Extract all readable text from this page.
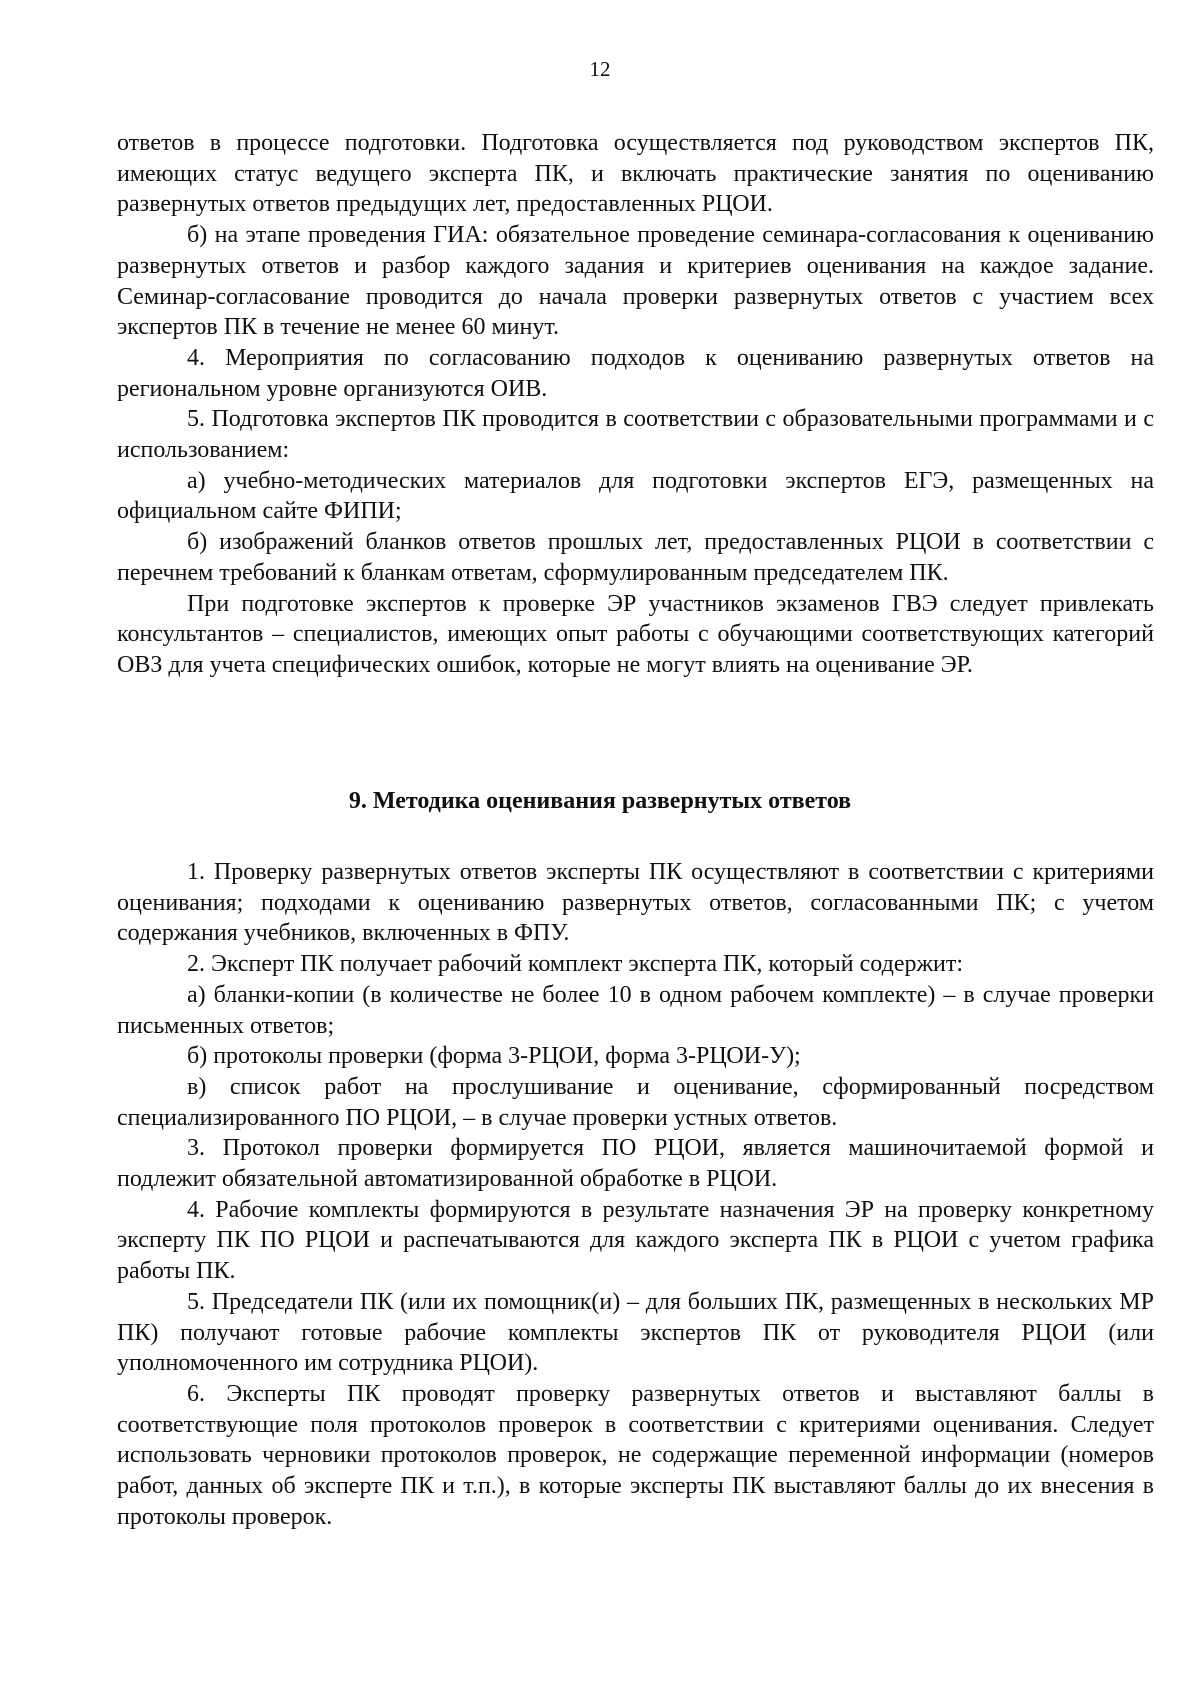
12

ответов в процессе подготовки. Подготовка осуществляется под руководством экспертов ПК, имеющих статус ведущего эксперта ПК, и включать практические занятия по оцениванию развернутых ответов предыдущих лет, предоставленных РЦОИ.

б) на этапе проведения ГИА: обязательное проведение семинара-согласования к оцениванию развернутых ответов и разбор каждого задания и критериев оценивания на каждое задание. Семинар-согласование проводится до начала проверки развернутых ответов с участием всех экспертов ПК в течение не менее 60 минут.

4. Мероприятия по согласованию подходов к оцениванию развернутых ответов на региональном уровне организуются ОИВ.

5. Подготовка экспертов ПК проводится в соответствии с образовательными программами и с использованием:

а) учебно-методических материалов для подготовки экспертов ЕГЭ, размещенных на официальном сайте ФИПИ;

б) изображений бланков ответов прошлых лет, предоставленных РЦОИ в соответствии с перечнем требований к бланкам ответам, сформулированным председателем ПК.

При подготовке экспертов к проверке ЭР участников экзаменов ГВЭ следует привлекать консультантов – специалистов, имеющих опыт работы с обучающими соответствующих категорий ОВЗ для учета специфических ошибок, которые не могут влиять на оценивание ЭР.

9. Методика оценивания развернутых ответов

1. Проверку развернутых ответов эксперты ПК осуществляют в соответствии с критериями оценивания; подходами к оцениванию развернутых ответов, согласованными ПК; с учетом содержания учебников, включенных в ФПУ.

2. Эксперт ПК получает рабочий комплект эксперта ПК, который содержит:

а) бланки-копии (в количестве не более 10 в одном рабочем комплекте) – в случае проверки письменных ответов;

б) протоколы проверки (форма 3-РЦОИ, форма 3-РЦОИ-У);

в) список работ на прослушивание и оценивание, сформированный посредством специализированного ПО РЦОИ, – в случае проверки устных ответов.

3. Протокол проверки формируется ПО РЦОИ, является машиночитаемой формой и подлежит обязательной автоматизированной обработке в РЦОИ.

4. Рабочие комплекты формируются в результате назначения ЭР на проверку конкретному эксперту ПК ПО РЦОИ и распечатываются для каждого эксперта ПК в РЦОИ с учетом графика работы ПК.

5. Председатели ПК (или их помощник(и) – для больших ПК, размещенных в нескольких МР ПК) получают готовые рабочие комплекты экспертов ПК от руководителя РЦОИ (или уполномоченного им сотрудника РЦОИ).

6. Эксперты ПК проводят проверку развернутых ответов и выставляют баллы в соответствующие поля протоколов проверок в соответствии с критериями оценивания. Следует использовать черновики протоколов проверок, не содержащие переменной информации (номеров работ, данных об эксперте ПК и т.п.), в которые эксперты ПК выставляют баллы до их внесения в протоколы проверок.
